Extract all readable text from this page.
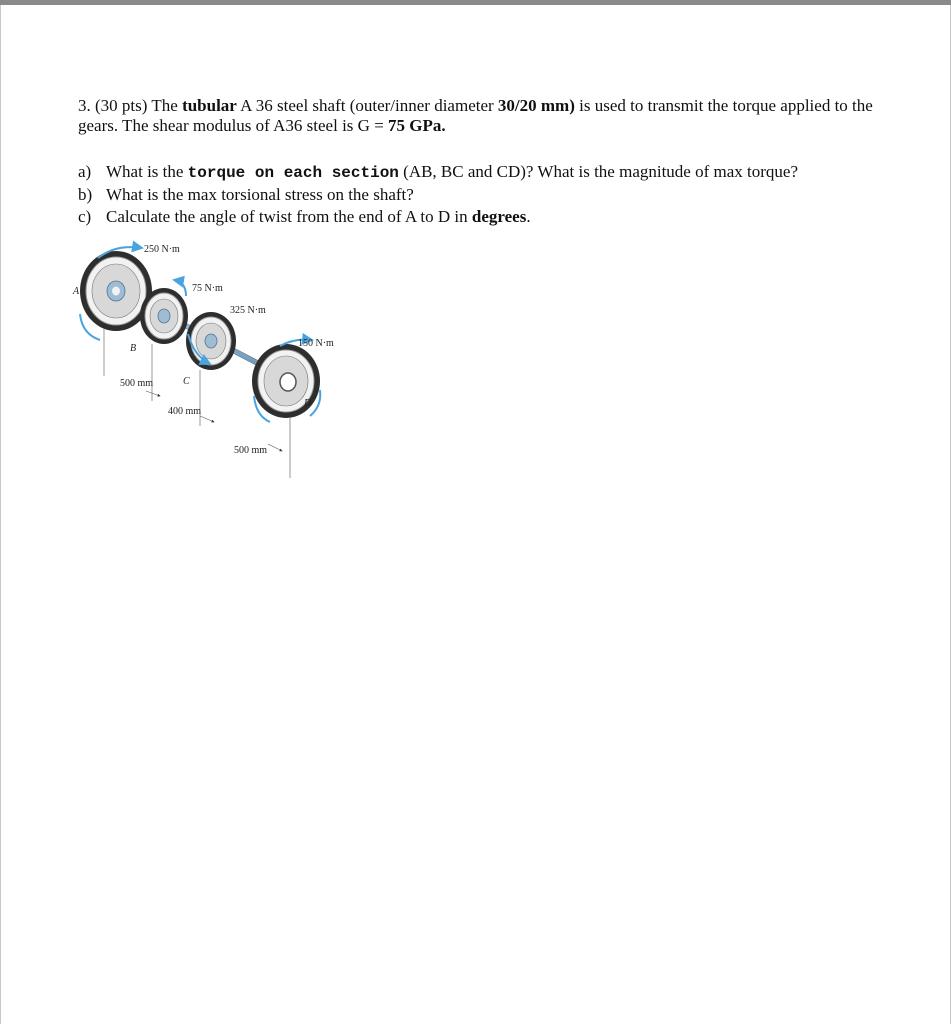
3. (30 pts) The tubular A 36 steel shaft (outer/inner diameter 30/20 mm) is used to transmit the torque applied to the gears. The shear modulus of A36 steel is G = 75 GPa.
a) What is the torque on each section (AB, BC and CD)? What is the magnitude of max torque?
b) What is the max torsional stress on the shaft?
c) Calculate the angle of twist from the end of A to D in degrees.
250 N·m
75 N·m
325 N·m
150 N·m
A
B
C
D
500 mm
400 mm
500 mm
